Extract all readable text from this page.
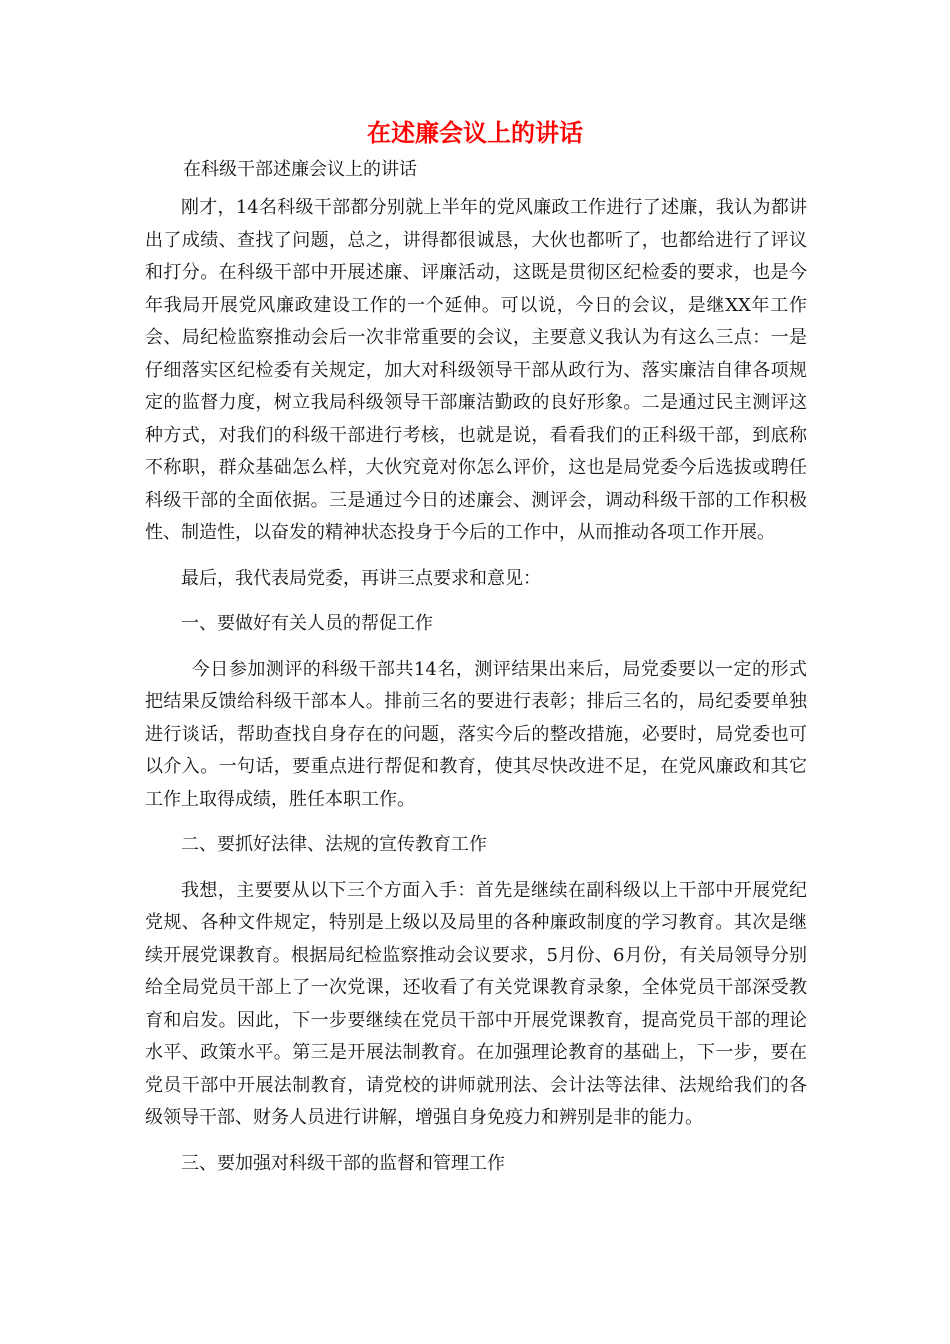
在述廉会议上的讲话

在科级干部述廉会议上的讲话

刚才，14名科级干部都分别就上半年的党风廉政工作进行了述廉，我认为都讲出了成绩、查找了问题，总之，讲得都很诚恳，大伙也都听了，也都给进行了评议和打分。在科级干部中开展述廉、评廉活动，这既是贯彻区纪检委的要求，也是今年我局开展党风廉政建设工作的一个延伸。可以说，今日的会议，是继XX年工作会、局纪检监察推动会后一次非常重要的会议，主要意义我认为有这么三点：一是仔细落实区纪检委有关规定，加大对科级领导干部从政行为、落实廉洁自律各项规定的监督力度，树立我局科级领导干部廉洁勤政的良好形象。二是通过民主测评这种方式，对我们的科级干部进行考核，也就是说，看看我们的正科级干部，到底称不称职，群众基础怎么样，大伙究竟对你怎么评价，这也是局党委今后选拔或聘任科级干部的全面依据。三是通过今日的述廉会、测评会，调动科级干部的工作积极性、制造性，以奋发的精神状态投身于今后的工作中，从而推动各项工作开展。

最后，我代表局党委，再讲三点要求和意见：

一、要做好有关人员的帮促工作

今日参加测评的科级干部共14名，测评结果出来后，局党委要以一定的形式把结果反馈给科级干部本人。排前三名的要进行表彰；排后三名的，局纪委要单独进行谈话，帮助查找自身存在的问题，落实今后的整改措施，必要时，局党委也可以介入。一句话，要重点进行帮促和教育，使其尽快改进不足，在党风廉政和其它工作上取得成绩，胜任本职工作。

二、要抓好法律、法规的宣传教育工作

我想，主要要从以下三个方面入手：首先是继续在副科级以上干部中开展党纪党规、各种文件规定，特别是上级以及局里的各种廉政制度的学习教育。其次是继续开展党课教育。根据局纪检监察推动会议要求，5月份、6月份，有关局领导分别给全局党员干部上了一次党课，还收看了有关党课教育录象，全体党员干部深受教育和启发。因此，下一步要继续在党员干部中开展党课教育，提高党员干部的理论水平、政策水平。第三是开展法制教育。在加强理论教育的基础上，下一步，要在党员干部中开展法制教育，请党校的讲师就刑法、会计法等法律、法规给我们的各级领导干部、财务人员进行讲解，增强自身免疫力和辨别是非的能力。

三、要加强对科级干部的监督和管理工作
